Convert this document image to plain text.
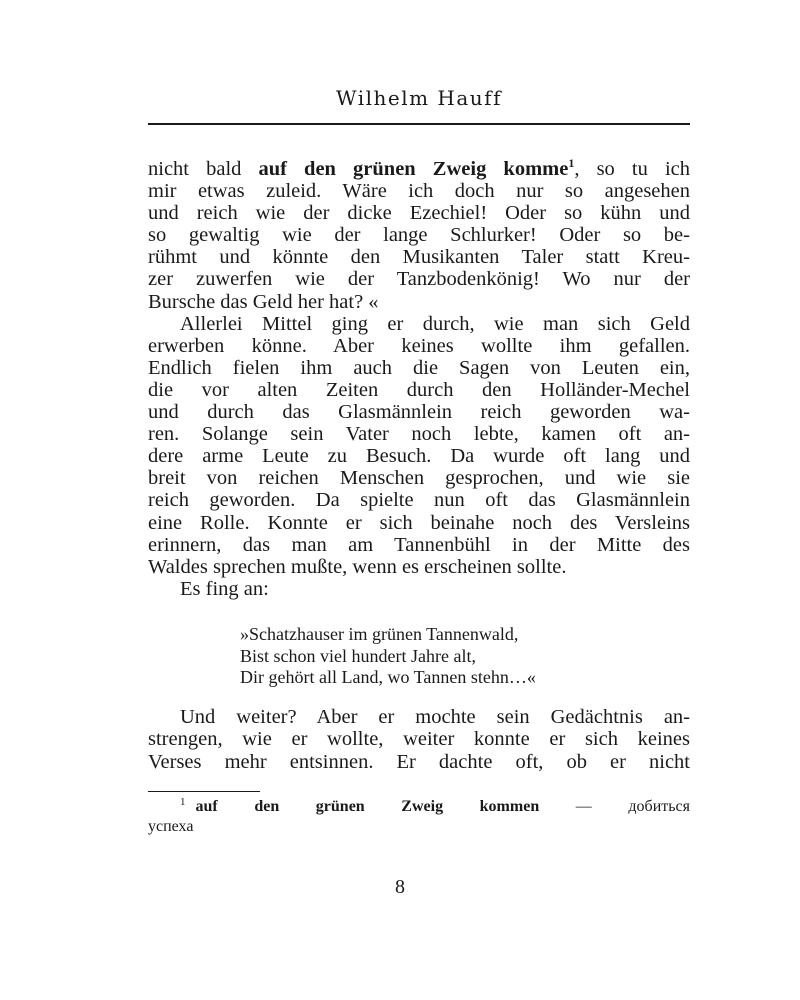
Wilhelm Hauff
nicht bald auf den grünen Zweig komme$^1$, so tu ich
mir etwas zuleid. Wäre ich doch nur so angesehen
und reich wie der dicke Ezechiel! Oder so kühn und
so gewaltig wie der lange Schlurker! Oder so be-
rühmt und könnte den Musikanten Taler statt Kreu-
zer zuwerfen wie der Tanzbodenkönig! Wo nur der
Bursche das Geld her hat? «
Allerlei Mittel ging er durch, wie man sich Geld
erwerben könne. Aber keines wollte ihm gefallen.
Endlich fielen ihm auch die Sagen von Leuten ein,
die vor alten Zeiten durch den Holländer-Mechel
und durch das Glasmännlein reich geworden wa-
ren. Solange sein Vater noch lebte, kamen oft an-
dere arme Leute zu Besuch. Da wurde oft lang und
breit von reichen Menschen gesprochen, und wie sie
reich geworden. Da spielte nun oft das Glasmännlein
eine Rolle. Konnte er sich beinahe noch des Versleins
erinnern, das man am Tannenbühl in der Mitte des
Waldes sprechen mußte, wenn es erscheinen sollte.
Es fing an:
»Schatzhauser im grünen Tannenwald,
Bist schon viel hundert Jahre alt,
Dir gehört all Land, wo Tannen stehn…«
Und weiter? Aber er mochte sein Gedächtnis an-
strengen, wie er wollte, weiter konnte er sich keines
Verses mehr entsinnen. Er dachte oft, ob er nicht
$^1$ auf den grünen Zweig kommen — добиться
успеха
8
